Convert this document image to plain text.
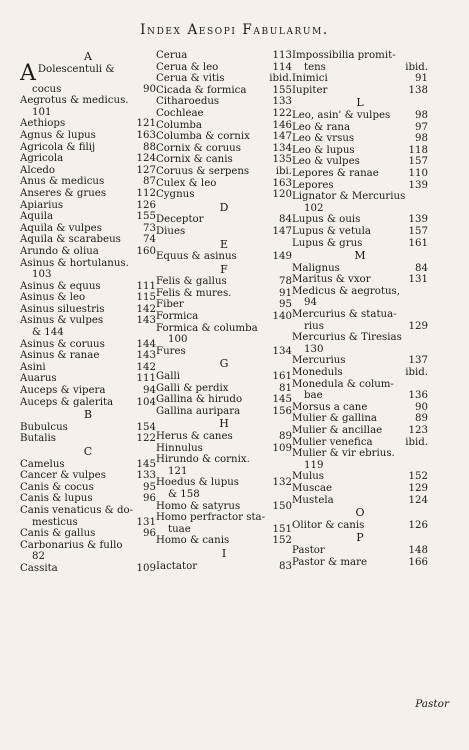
Index Aesopi Fabularum.
A
A Dolescentuli &
cocus	90
Aegrotus & medicus.
101
Aethiops	121
Agnus & lupus	163
Agricola & filij	88
Agricola	124
Alcedo	127
Anus & medicus	87
Anseres & grues	112
Apiarius	126
Aquila	155
Aquila & vulpes	73
Aquila & scarabeus 74
Arundo & oliua	160
Asinus & hortulanus.
103
Asinus & equus	111
Asinus & leo	115
Asinus siluestris	142
Asinus & vulpes	143
& 144
Asinus & coruus	144
Asinus & ranae	143
Asini	142
Auarus	111
Auceps & vipera	94
Auceps & galerita 104
B
Bubulcus	154
Butalis	122
C
Camelus	145
Cancer & vulpes	133
Canis & cocus	95
Canis & lupus	96
Canis venaticus & do-
mesticus	131
Canis & gallus	96
Carbonarius & fullo
82
Cassita	109
Cerua	113
Cerua & leo	114
Cerua & vitis	ibid.
Cicada & formica	155
Citharoedus	133
Cochleae	122
Columba	146
Columba & cornix 147
Cornix & coruus	134
Cornix & canis	135
Coruus & serpens	ibi.
Culex & leo	163
Cygnus	120
D
Deceptor	84
Diues	147
E
Equus & asinus	149
F
Felis & gallus	78
Felis & mures.	91
Fiber	95
Formica	140
Formica & columba
100
Fures	134
G
Galli	161
Galli & perdix	81
Gallina & hirudo	145
Gallina auripara	156
H
Herus & canes	89
Hinnulus	109
Hirundo & cornix.
121
Hoedus & lupus	132
& 158
Homo & satyrus	150
Homo perfractor sta-
tuae	151
Homo & canis	152
I
Iactator	83
Impossibilia promit-
tens	ibid.
Inimici	91
Iupiter	138
L
Leo, asin' & vulpes 98
Leo & rana	97
Leo & vrsus	98
Leo & lupus	118
Leo & vulpes	157
Lepores & ranae	110
Lepores	139
Lignator & Mercurius
102
Lupus & ouis	139
Lupus & vetula	157
Lupus & grus	161
M
Malignus	84
Maritus & vxor	131
Medicus & aegrotus,
94
Mercurius & statua-
rius	129
Mercurius & Tiresias
130
Mercurius	137
Moneduls	ibid.
Monedula & colum-
bae	136
Morsus a cane	90
Mulier & gallina	89
Mulier & ancillae	123
Mulier venefica	ibid.
Mulier & vir ebrius.
119
Mulus	152
Muscae	129
Mustela	124
O
Olitor & canis	126
P
Pastor	148
Pastor & mare	166
Pastor
